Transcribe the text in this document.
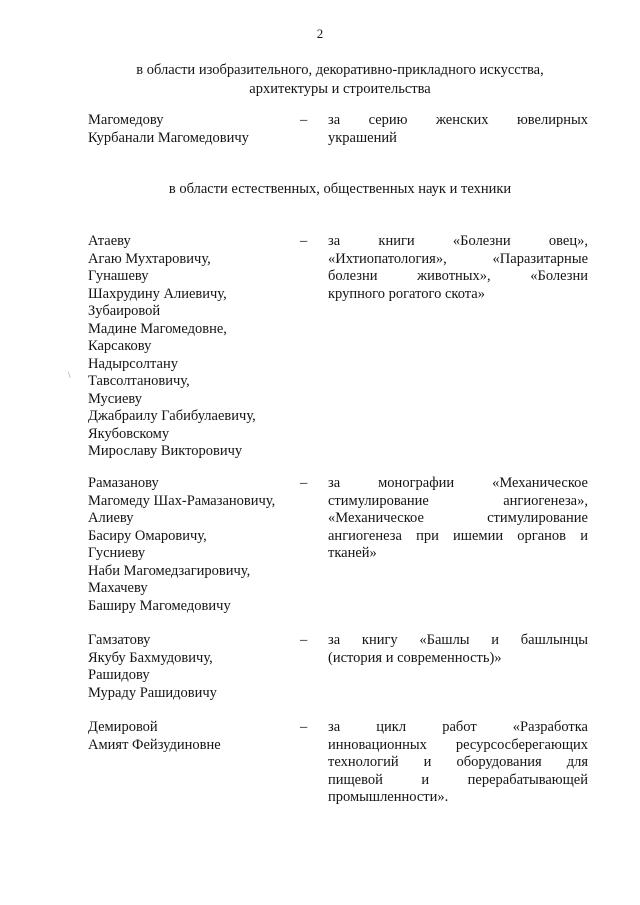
2
в области изобразительного, декоративно-прикладного искусства,
архитектуры и строительства
Магомедову
Курбанали Магомедовичу
– за серию женских ювелирных
украшений
в области естественных, общественных наук и техники
Атаеву
Агаю Мухтаровичу,
Гунашеву
Шахрудину Алиевичу,
Зубаировой
Мадине Магомедовне,
Карсакову
Надырсолтану
Тавсолтановичу,
Мусиеву
Джабраилу Габибулаевичу,
Якубовскому
Мирославу Викторовичу
– за книги «Болезни овец»,
«Ихтиопатология», «Паразитарные
болезни животных», «Болезни
крупного рогатого скота»
Рамазанову
Магомеду Шах-Рамазановичу,
Алиеву
Басиру Омаровичу,
Гусниеву
Наби Магомедзагировичу,
Махачеву
Баширу Магомедовичу
– за монографии «Механическое
стимулирование ангиогенеза»,
«Механическое стимулирование
ангиогенеза при ишемии органов и
тканей»
Гамзатову
Якубу Бахмудовичу,
Рашидову
Мураду Рашидовичу
– за книгу «Башлы и башлынцы
(история и современность)»
Демировой
Амият Фейзудиновне
– за цикл работ «Разработка
инновационных ресурсосберегающих
технологий и оборудования для
пищевой и перерабатывающей
промышленности».
\
